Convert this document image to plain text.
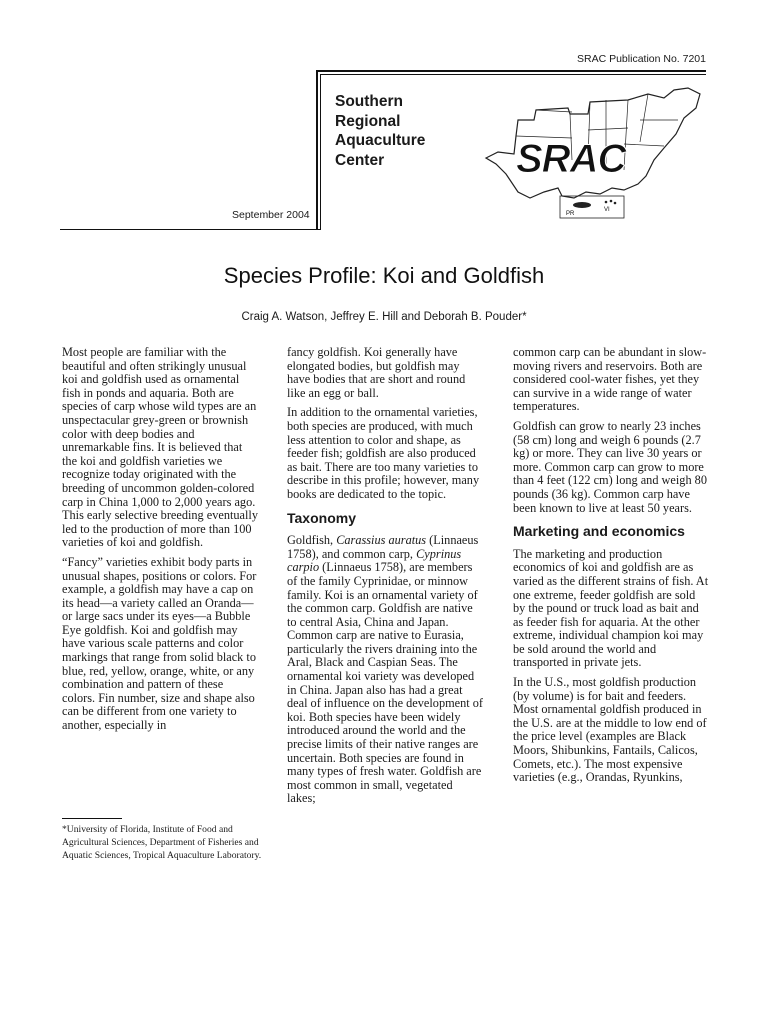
SRAC Publication No. 7201
Southern
Regional
Aquaculture
Center
September 2004
SRAC
PR
VI
Species Profile: Koi and Goldfish
Craig A. Watson, Jeffrey E. Hill and Deborah B. Pouder*

Most people are familiar with the beautiful and often strikingly unusual koi and goldfish used as ornamental fish in ponds and aquaria. Both are species of carp whose wild types are an unspectacular grey-green or brownish color with deep bodies and unremarkable fins. It is believed that the koi and goldfish varieties we recognize today originated with the breeding of uncommon golden-colored carp in China 1,000 to 2,000 years ago. This early selective breeding eventually led to the production of more than 100 varieties of koi and goldfish.

“Fancy” varieties exhibit body parts in unusual shapes, positions or colors. For example, a goldfish may have a cap on its head—a variety called an Oranda—or large sacs under its eyes—a Bubble Eye goldfish. Koi and goldfish may have various scale patterns and color markings that range from solid black to blue, red, yellow, orange, white, or any combination and pattern of these colors. Fin number, size and shape also can be different from one variety to another, especially in

*University of Florida, Institute of Food and Agricultural Sciences, Department of Fisheries and Aquatic Sciences, Tropical Aquaculture Laboratory.

fancy goldfish. Koi generally have elongated bodies, but goldfish may have bodies that are short and round like an egg or ball.

In addition to the ornamental varieties, both species are produced, with much less attention to color and shape, as feeder fish; goldfish are also produced as bait. There are too many varieties to describe in this profile; however, many books are dedicated to the topic.

Taxonomy

Goldfish, Carassius auratus (Linnaeus 1758), and common carp, Cyprinus carpio (Linnaeus 1758), are members of the family Cyprinidae, or minnow family. Koi is an ornamental variety of the common carp. Goldfish are native to central Asia, China and Japan. Common carp are native to Eurasia, particularly the rivers draining into the Aral, Black and Caspian Seas. The ornamental koi variety was developed in China. Japan also has had a great deal of influence on the development of koi. Both species have been widely introduced around the world and the precise limits of their native ranges are uncertain. Both species are found in many types of fresh water. Goldfish are most common in small, vegetated lakes;

common carp can be abundant in slow-moving rivers and reservoirs. Both are considered cool-water fishes, yet they can survive in a wide range of water temperatures.

Goldfish can grow to nearly 23 inches (58 cm) long and weigh 6 pounds (2.7 kg) or more. They can live 30 years or more. Common carp can grow to more than 4 feet (122 cm) long and weigh 80 pounds (36 kg). Common carp have been known to live at least 50 years.

Marketing and economics

The marketing and production economics of koi and goldfish are as varied as the different strains of fish. At one extreme, feeder goldfish are sold by the pound or truck load as bait and as feeder fish for aquaria. At the other extreme, individual champion koi may be sold around the world and transported in private jets.

In the U.S., most goldfish production (by volume) is for bait and feeders. Most ornamental goldfish produced in the U.S. are at the middle to low end of the price level (examples are Black Moors, Shibunkins, Fantails, Calicos, Comets, etc.). The most expensive varieties (e.g., Orandas, Ryunkins,
